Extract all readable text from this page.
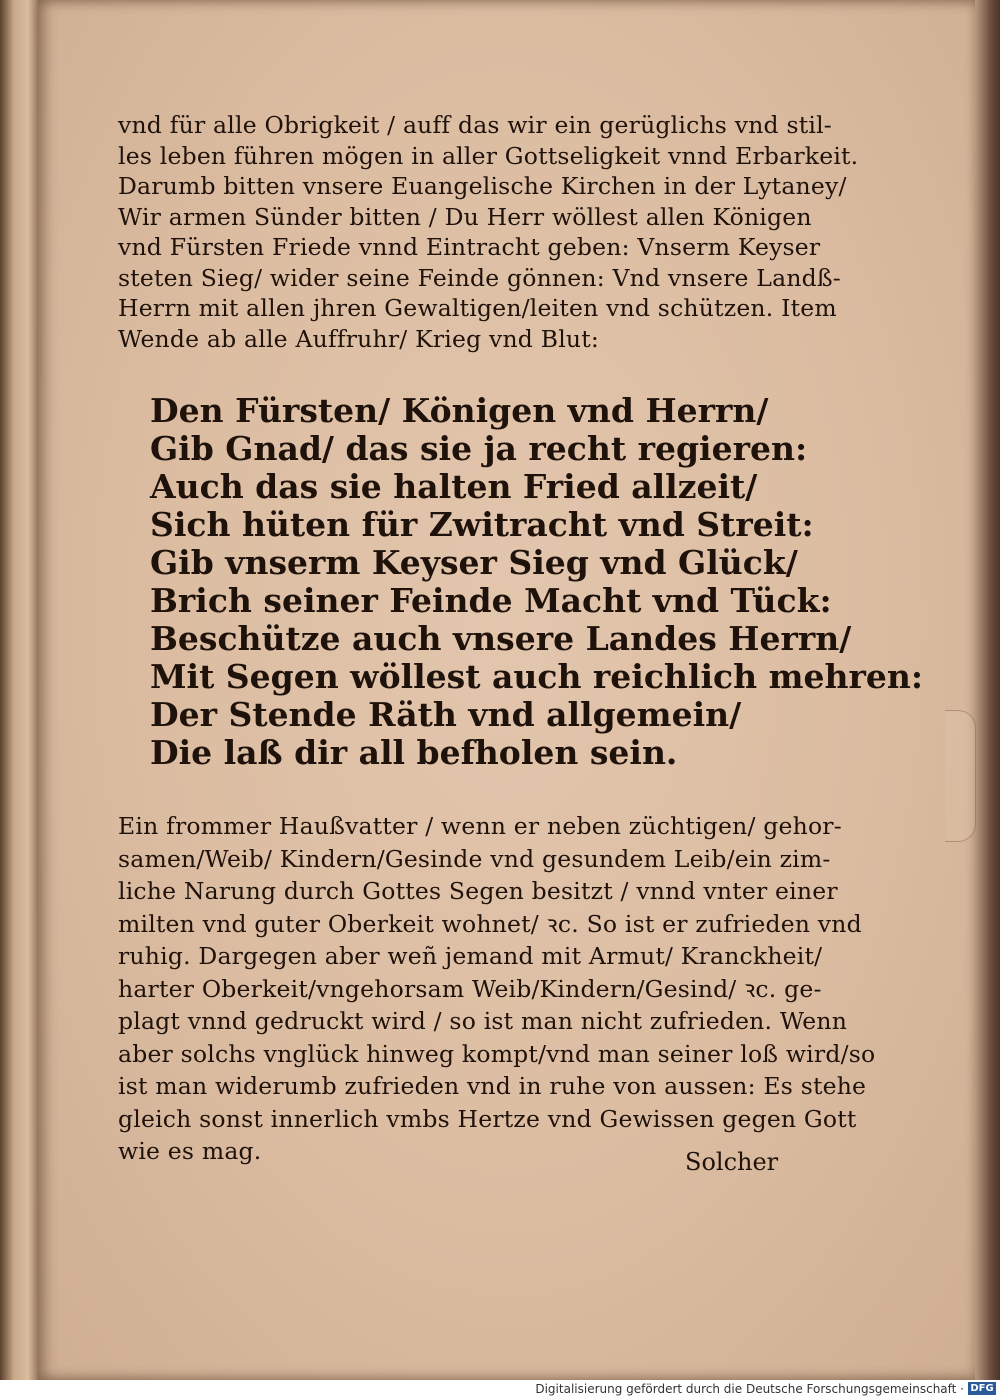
vnd für alle Obrigkeit / auff das wir ein gerüglichs vnd stil-
les leben führen mögen in aller Gottseligkeit vnnd Erbarkeit.
Darumb bitten vnsere Euangelische Kirchen in der Lytaney/
Wir armen Sünder bitten / Du Herr wöllest allen Königen
vnd Fürsten Friede vnnd Eintracht geben: Vnserm Keyser
steten Sieg/ wider seine Feinde gönnen: Vnd vnsere Landß-
Herrn mit allen jhren Gewaltigen/leiten vnd schützen. Item
Wende ab alle Auffruhr/ Krieg vnd Blut:
Den Fürsten/ Königen vnd Herrn/
Gib Gnad/ das sie ja recht regieren:
Auch das sie halten Fried allzeit/
Sich hüten für Zwitracht vnd Streit:
Gib vnserm Keyser Sieg vnd Glück/
Brich seiner Feinde Macht vnd Tück:
Beschütze auch vnsere Landes Herrn/
Mit Segen wöllest auch reichlich mehren:
Der Stende Räth vnd allgemein/
Die laß dir all befholen sein.
Ein frommer Haußvatter / wenn er neben züchtigen/ gehor-
samen/Weib/ Kindern/Gesinde vnd gesundem Leib/ein zim-
liche Narung durch Gottes Segen besitzt / vnnd vnter einer
milten vnd guter Oberkeit wohnet/ ꝛc. So ist er zufrieden vnd
ruhig. Dargegen aber weñ jemand mit Armut/ Kranckheit/
harter Oberkeit/vngehorsam Weib/Kindern/Gesind/ ꝛc. ge-
plagt vnnd gedruckt wird / so ist man nicht zufrieden. Wenn
aber solchs vnglück hinweg kompt/vnd man seiner loß wird/so
ist man widerumb zufrieden vnd in ruhe von aussen: Es stehe
gleich sonst innerlich vmbs Hertze vnd Gewissen gegen Gott
wie es mag.	Solcher
Digitalisierung gefördert durch die Deutsche Forschungsgemeinschaft · DFG
